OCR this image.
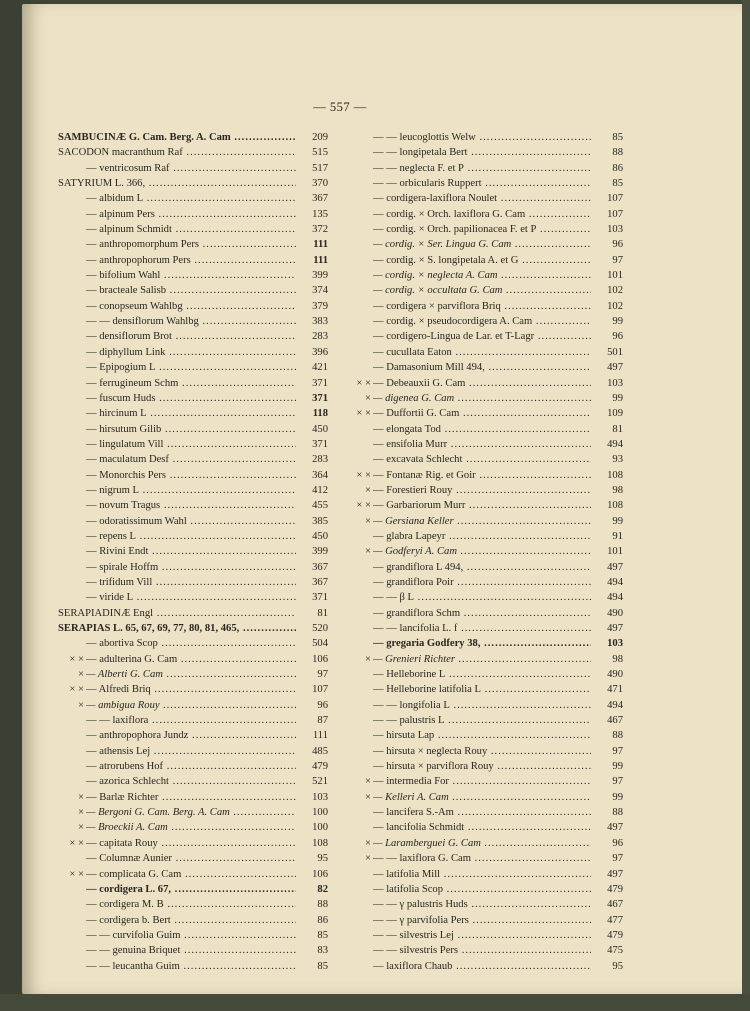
— 557 —
SAMBUCINÆ G. Cam. Berg. A. Cam .....	209
SACODON macranthum Raf .....	515
— ventricosum Raf .....	517
SATYRIUM L. 366, .....	370
— albidum L .....	367
— alpinum Pers .....	135
— alpinum Schmidt .....	372
— anthropomorphum Pers .....	111
— anthropophorum Pers .....	111
— bifolium Wahl .....	399
— bracteale Salisb .....	374
— conopseum Wahlbg .....	379
— — densiflorum Wahlbg .....	383
— densiflorum Brot .....	283
— diphyllum Link .....	396
— Epipogium L .....	421
— ferrugineum Schm .....	371
— fuscum Huds .....	371
— hircinum L .....	118
— hirsutum Gilib .....	450
— lingulatum Vill .....	371
— maculatum Desf .....	283
— Monorchis Pers .....	364
— nigrum L .....	412
— novum Tragus .....	455
— odoratissimum Wahl .....	385
— repens L .....	450
— Rivini Endt .....	399
— spirale Hoffm .....	367
— trifidum Vill .....	367
— viride L .....	371
SERAPIADINÆ Engl .....	81
SERAPIAS L. 65, 67, 69, 77, 80, 81, 465, .....	520
— abortiva Scop .....	504
× × — adulterina G. Cam .....	106
× — Alberti G. Cam .....	97
× × — Alfredi Briq .....	107
× — ambigua Rouy .....	96
— — laxiflora .....	87
— anthropophora Jundz .....	111
— athensis Lej .....	485
— atrorubens Hof .....	479
— azorica Schlecht .....	521
× — Barlæ Richter .....	103
× — Bergoni G. Cam. Berg. A. Cam .....	100
× — Broeckii A. Cam .....	100
× × — capitata Rouy .....	108
— Columnæ Aunier .....	95
× × — complicata G. Cam .....	106
— cordigera L. 67, .....	82
— cordigera M. B .....	88
— cordigera b. Bert .....	86
— — curvifolia Guim .....	85
— — genuina Briquet .....	83
— — leucantha Guim .....	85
— — leucoglottis Welw .....	85
— — longipetala Bert .....	88
— — neglecta F. et P .....	86
— — orbicularis Ruppert .....	85
— cordigera-laxiflora Noulet .....	107
— cordig. × Orch. laxiflora G. Cam .....	107
— cordig. × Orch. papilionacea F. et P .....	103
— cordig. × Ser. Lingua G. Cam .....	96
— cordig. × S. longipetala A. et G .....	97
— cordig. × neglecta A. Cam .....	101
— cordig. × occultata G. Cam .....	102
— cordigera × parviflora Briq .....	102
— cordig. × pseudocordigera A. Cam .....	99
— cordigero-Lingua de Lar. et T-Lagr .....	96
— cucullata Eaton .....	501
— Damasonium Mill 494, .....	497
× × — Debeauxii G. Cam .....	103
× — digenea G. Cam .....	99
× × — Duffortii G. Cam .....	109
— elongata Tod .....	81
— ensifolia Murr .....	494
— excavata Schlecht .....	93
× × — Fontanæ Rig. et Goir .....	108
× — Forestieri Rouy .....	98
× × — Garbariorum Murr .....	108
× — Gersiana Keller .....	99
— glabra Lapeyr .....	91
× — Godferyi A. Cam .....	101
— grandiflora L 494, .....	497
— grandiflora Poir .....	494
— — β L .....	494
— grandiflora Schm .....	490
— — lancifolia L. f .....	497
— gregaria Godfery 38, .....	103
× — Grenieri Richter .....	98
— Helleborine L .....	490
— Helleborine latifolia L .....	471
— — longifolia L .....	494
— — palustris L .....	467
— hirsuta Lap .....	88
— hirsuta × neglecta Rouy .....	97
— hirsuta × parviflora Rouy .....	99
× — intermedia For .....	97
× — Kelleri A. Cam .....	99
— lancifera S.-Am .....	88
— lancifolia Schmidt .....	497
× — Laramberguei G. Cam .....	96
× — — laxiflora G. Cam .....	97
— latifolia Mill .....	497
— latifolia Scop .....	479
— — γ palustris Huds .....	467
— — γ parvifolia Pers .....	477
— — silvestris Lej .....	479
— — silvestris Pers .....	475
— laxiflora Chaub .....	95
